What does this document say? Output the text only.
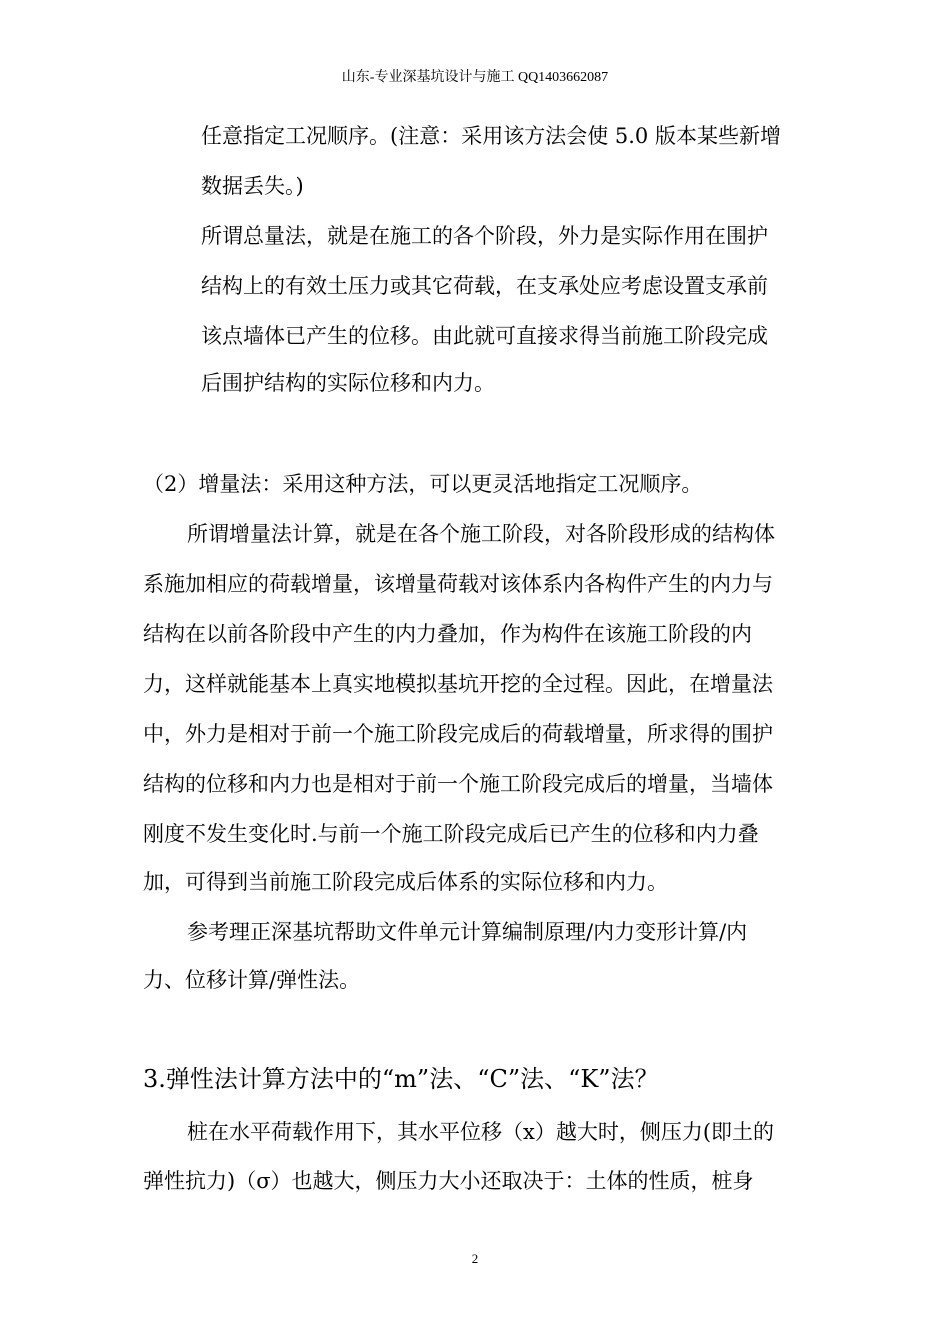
山东-专业深基坑设计与施工 QQ1403662087
任意指定工况顺序。(注意：采用该方法会使 5.0 版本某些新增
数据丢失。)
所谓总量法，就是在施工的各个阶段，外力是实际作用在围护
结构上的有效土压力或其它荷载，在支承处应考虑设置支承前
该点墙体已产生的位移。由此就可直接求得当前施工阶段完成
后围护结构的实际位移和内力。
（2）增量法：采用这种方法，可以更灵活地指定工况顺序。
所谓增量法计算，就是在各个施工阶段，对各阶段形成的结构体
系施加相应的荷载增量，该增量荷载对该体系内各构件产生的内力与
结构在以前各阶段中产生的内力叠加，作为构件在该施工阶段的内
力，这样就能基本上真实地模拟基坑开挖的全过程。因此，在增量法
中，外力是相对于前一个施工阶段完成后的荷载增量，所求得的围护
结构的位移和内力也是相对于前一个施工阶段完成后的增量，当墙体
刚度不发生变化时.与前一个施工阶段完成后已产生的位移和内力叠
加，可得到当前施工阶段完成后体系的实际位移和内力。
参考理正深基坑帮助文件单元计算编制原理/内力变形计算/内
力、位移计算/弹性法。
3.弹性法计算方法中的“m”法、“C”法、“K”法？
桩在水平荷载作用下，其水平位移（x）越大时，侧压力(即土的
弹性抗力)（σ）也越大，侧压力大小还取决于：土体的性质，桩身
2
